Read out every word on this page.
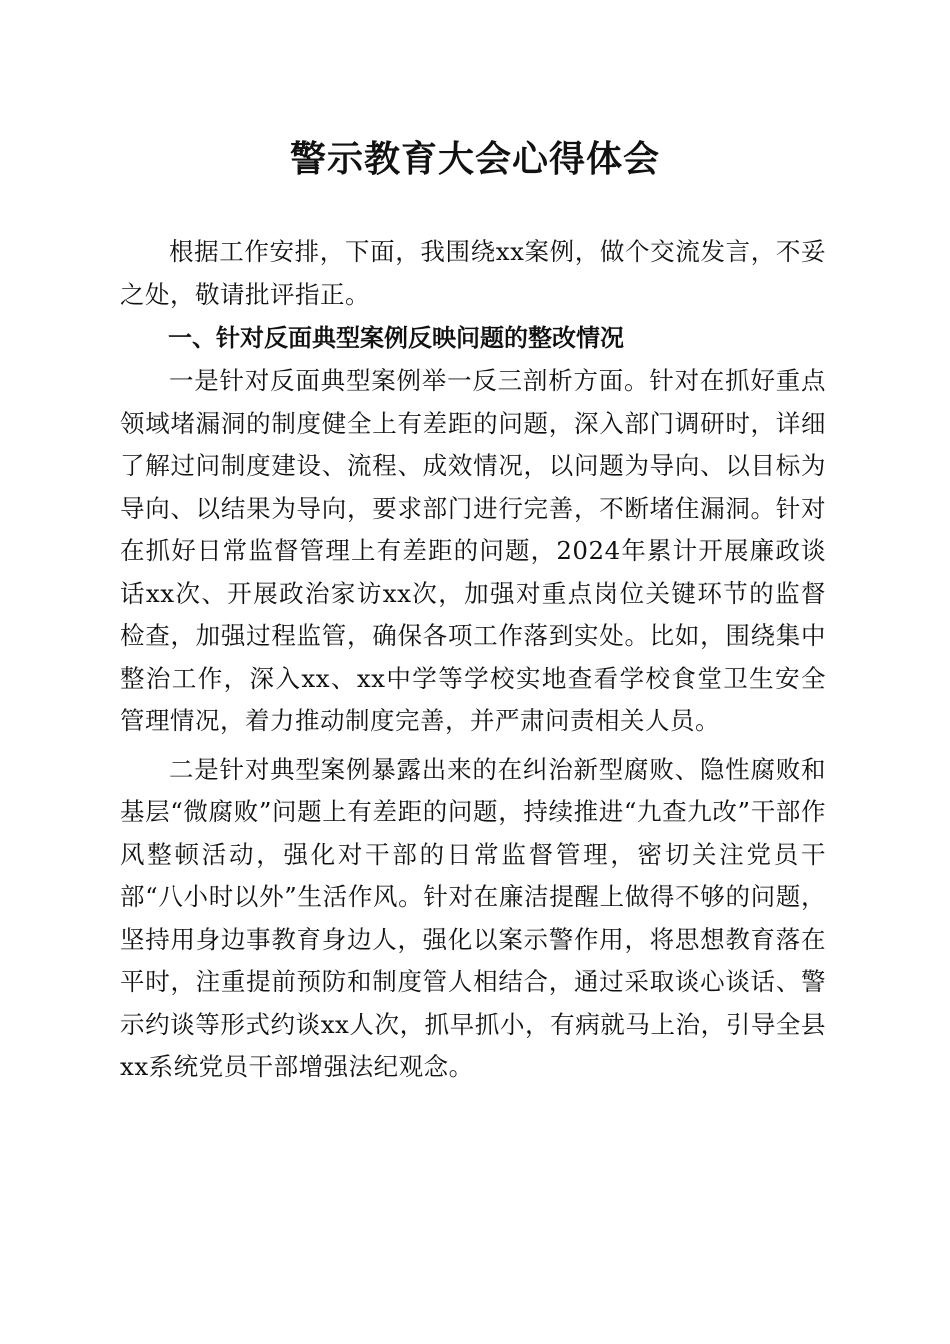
警示教育大会心得体会

根据工作安排，下面，我围绕xx案例，做个交流发言，不妥之处，敬请批评指正。

一、针对反面典型案例反映问题的整改情况

一是针对反面典型案例举一反三剖析方面。针对在抓好重点领域堵漏洞的制度健全上有差距的问题，深入部门调研时，详细了解过问制度建设、流程、成效情况，以问题为导向、以目标为导向、以结果为导向，要求部门进行完善，不断堵住漏洞。针对在抓好日常监督管理上有差距的问题，2024年累计开展廉政谈话xx次、开展政治家访xx次，加强对重点岗位关键环节的监督检查，加强过程监管，确保各项工作落到实处。比如，围绕集中整治工作，深入xx、xx中学等学校实地查看学校食堂卫生安全管理情况，着力推动制度完善，并严肃问责相关人员。

二是针对典型案例暴露出来的在纠治新型腐败、隐性腐败和基层“微腐败”问题上有差距的问题，持续推进“九查九改”干部作风整顿活动，强化对干部的日常监督管理，密切关注党员干部“八小时以外”生活作风。针对在廉洁提醒上做得不够的问题，坚持用身边事教育身边人，强化以案示警作用，将思想教育落在平时，注重提前预防和制度管人相结合，通过采取谈心谈话、警示约谈等形式约谈xx人次，抓早抓小，有病就马上治，引导全县xx系统党员干部增强法纪观念。
